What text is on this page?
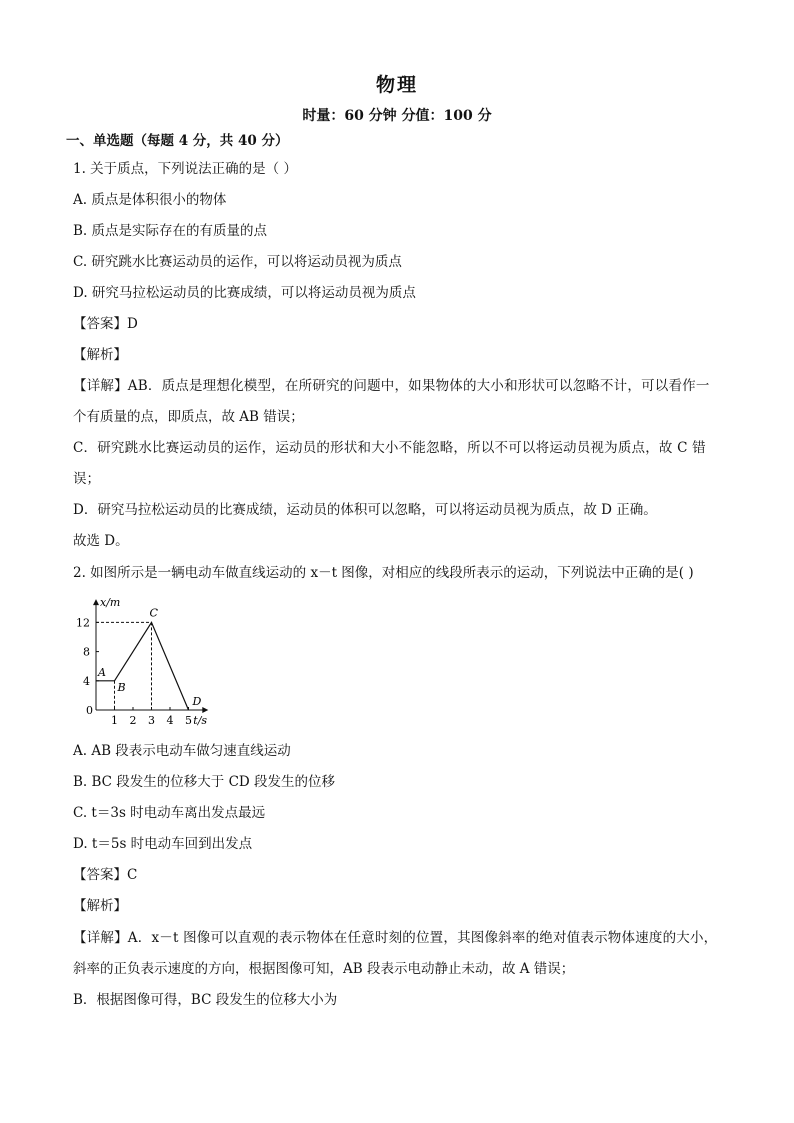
物理
时量：60 分钟 分值：100 分
一、单选题（每题 4 分，共 40 分）
1. 关于质点，下列说法正确的是（ ）
A. 质点是体积很小的物体
B. 质点是实际存在的有质量的点
C. 研究跳水比赛运动员的运作，可以将运动员视为质点
D. 研究马拉松运动员的比赛成绩，可以将运动员视为质点
【答案】D
【解析】
【详解】AB．质点是理想化模型，在所研究的问题中，如果物体的大小和形状可以忽略不计，可以看作一
个有质量的点，即质点，故 AB 错误；
C．研究跳水比赛运动员的运作，运动员的形状和大小不能忽略，所以不可以将运动员视为质点，故 C 错
误；
D．研究马拉松运动员的比赛成绩，运动员的体积可以忽略，可以将运动员视为质点，故 D 正确。
故选 D。
2. 如图所示是一辆电动车做直线运动的 x－t 图像，对相应的线段所表示的运动，下列说法中正确的是( )
x/m
t/s
0
1 2 3 4 5
4
8
12
A
B
C
D
A. AB 段表示电动车做匀速直线运动
B. BC 段发生的位移大于 CD 段发生的位移
C. t＝3s 时电动车离出发点最远
D. t＝5s 时电动车回到出发点
【答案】C
【解析】
【详解】A．x－t 图像可以直观的表示物体在任意时刻的位置，其图像斜率的绝对值表示物体速度的大小，
斜率的正负表示速度的方向，根据图像可知，AB 段表示电动静止未动，故 A 错误；
B．根据图像可得，BC 段发生的位移大小为
